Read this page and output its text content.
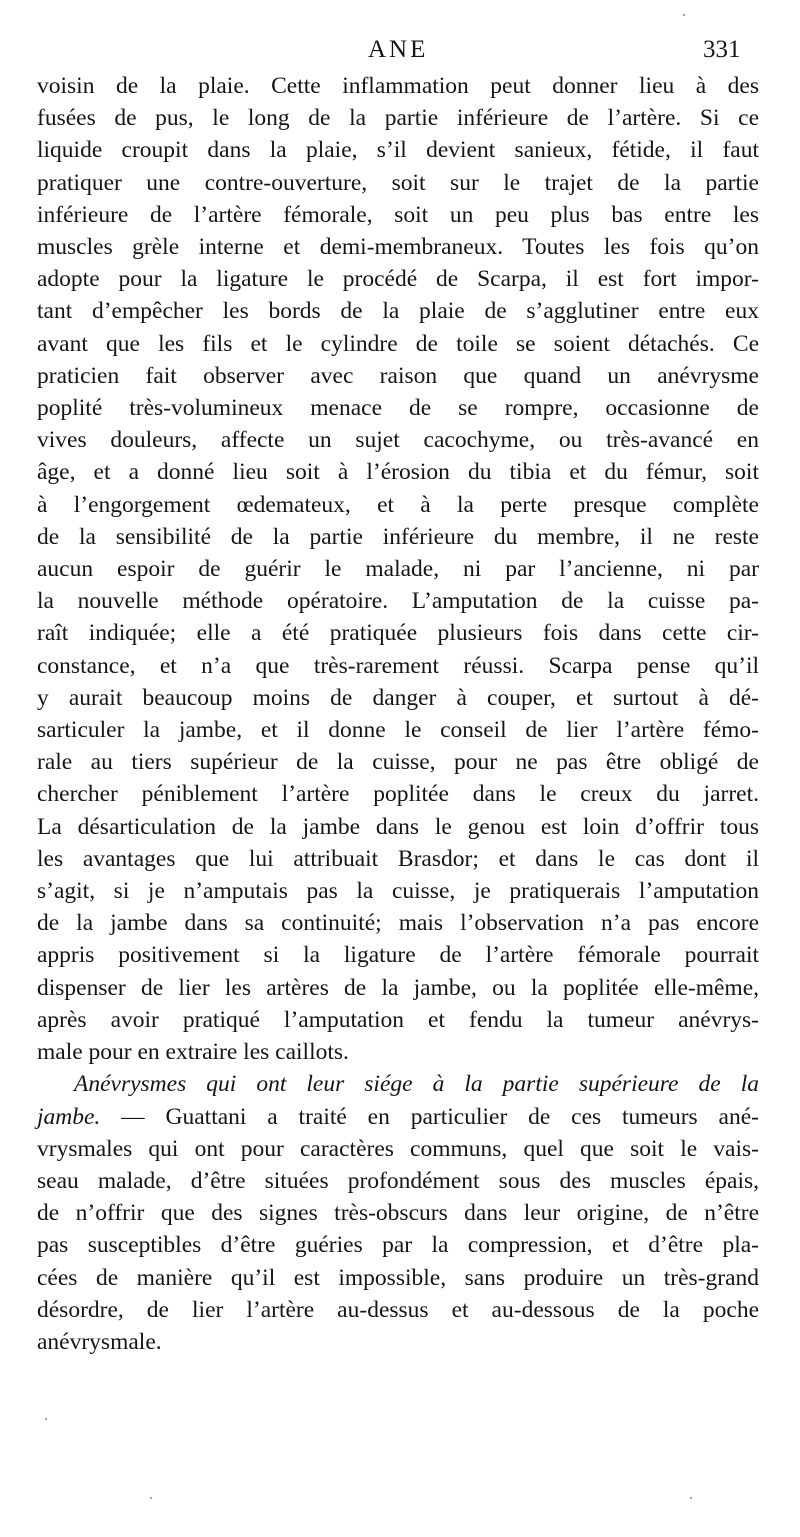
ANE	331
voisin de la plaie. Cette inflammation peut donner lieu à des
fusées de pus, le long de la partie inférieure de l’artère. Si ce
liquide croupit dans la plaie, s’il devient sanieux, fétide, il faut
pratiquer une contre-ouverture, soit sur le trajet de la partie
inférieure de l’artère fémorale, soit un peu plus bas entre les
muscles grèle interne et demi-membraneux. Toutes les fois qu’on
adopte pour la ligature le procédé de Scarpa, il est fort impor-
tant d’empêcher les bords de la plaie de s’agglutiner entre eux
avant que les fils et le cylindre de toile se soient détachés. Ce
praticien fait observer avec raison que quand un anévrysme
poplité très-volumineux menace de se rompre, occasionne de
vives douleurs, affecte un sujet cacochyme, ou très-avancé en
âge, et a donné lieu soit à l’érosion du tibia et du fémur, soit
à l’engorgement œdemateux, et à la perte presque complète
de la sensibilité de la partie inférieure du membre, il ne reste
aucun espoir de guérir le malade, ni par l’ancienne, ni par
la nouvelle méthode opératoire. L’amputation de la cuisse pa-
raît indiquée; elle a été pratiquée plusieurs fois dans cette cir-
constance, et n’a que très-rarement réussi. Scarpa pense qu’il
y aurait beaucoup moins de danger à couper, et surtout à dé-
sarticuler la jambe, et il donne le conseil de lier l’artère fémo-
rale au tiers supérieur de la cuisse, pour ne pas être obligé de
chercher péniblement l’artère poplitée dans le creux du jarret.
La désarticulation de la jambe dans le genou est loin d’offrir tous
les avantages que lui attribuait Brasdor; et dans le cas dont il
s’agit, si je n’amputais pas la cuisse, je pratiquerais l’amputation
de la jambe dans sa continuité; mais l’observation n’a pas encore
appris positivement si la ligature de l’artère fémorale pourrait
dispenser de lier les artères de la jambe, ou la poplitée elle-même,
après avoir pratiqué l’amputation et fendu la tumeur anévrys-
male pour en extraire les caillots.
Anévrysmes qui ont leur siége à la partie supérieure de la
jambe. — Guattani a traité en particulier de ces tumeurs ané-
vrysmales qui ont pour caractères communs, quel que soit le vais-
seau malade, d’être situées profondément sous des muscles épais,
de n’offrir que des signes très-obscurs dans leur origine, de n’être
pas susceptibles d’être guéries par la compression, et d’être pla-
cées de manière qu’il est impossible, sans produire un très-grand
désordre, de lier l’artère au-dessus et au-dessous de la poche
anévrysmale.
